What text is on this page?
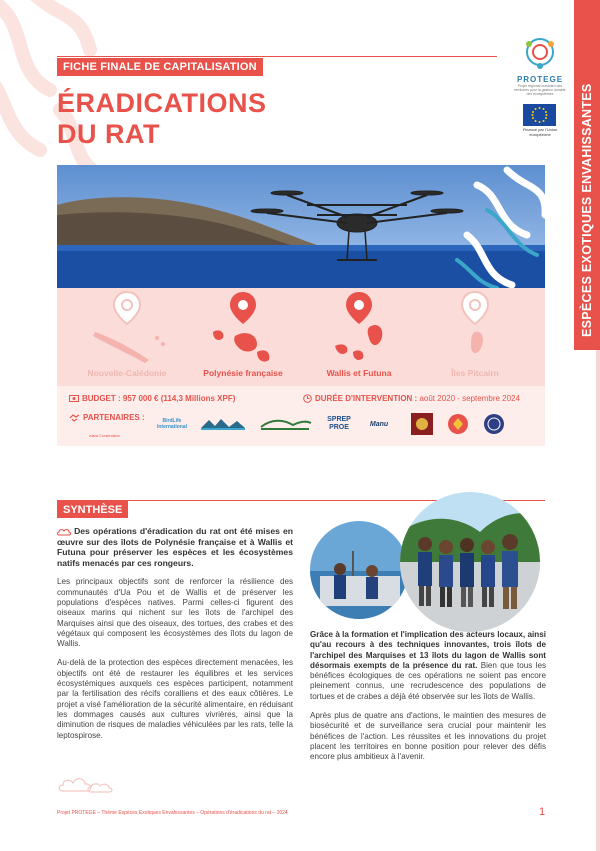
ESPÈCES EXOTIQUES ENVAHISSANTES
PROTEGE
Projet régional océanien des territoires pour la gestion durable des écosystèmes
Financé par l'Union européenne
FICHE FINALE DE CAPITALISATION
ÉRADICATIONS
DU RAT
Nouvelle-Calédonie	Polynésie française	Wallis et Futuna	Îles Pitcairn
BUDGET : 957 000 € (114,3 Millions XPF)	DURÉE D'INTERVENTION : août 2020 - septembre 2024
PARTENAIRES :
Island Conservation
BirdLife International
SPREP PROE	Manu
SYNTHÈSE

Des opérations d'éradication du rat ont été mises en œuvre sur des îlots de Polynésie française et à Wallis et Futuna pour préserver les espèces et les écosystèmes natifs menacés par ces rongeurs.

Les principaux objectifs sont de renforcer la résilience des communautés d'Ua Pou et de Wallis et de préserver les populations d'espèces natives. Parmi celles-ci figurent des oiseaux marins qui nichent sur les îlots de l'archipel des Marquises ainsi que des oiseaux, des tortues, des crabes et des végétaux qui composent les écosystèmes des îlots du lagon de Wallis.

Au-delà de la protection des espèces directement menacées, les objectifs ont été de restaurer les équilibres et les services écosystémiques auxquels ces espèces participent, notamment par la fertilisation des récifs coralliens et des eaux côtières. Le projet a visé l'amélioration de la sécurité alimentaire, en réduisant les dommages causés aux cultures vivrières, ainsi que la diminution de risques de maladies véhiculées par les rats, telle la leptospirose.

Grâce à la formation et l'implication des acteurs locaux, ainsi qu'au recours à des techniques innovantes, trois îlots de l'archipel des Marquises et 13 îlots du lagon de Wallis sont désormais exempts de la présence du rat. Bien que tous les bénéfices écologiques de ces opérations ne soient pas encore pleinement connus, une recrudescence des populations de tortues et de crabes a déjà été observée sur les îlots de Wallis.

Après plus de quatre ans d'actions, le maintien des mesures de biosécurité et de surveillance sera crucial pour maintenir les bénéfices de l'action. Les réussites et les innovations du projet placent les territoires en bonne position pour relever des défis encore plus ambitieux à l'avenir.

Projet PROTEGE – Thème Espèces Exotiques Envahissantes – Opérations d'éradications du rat – 2024	1
